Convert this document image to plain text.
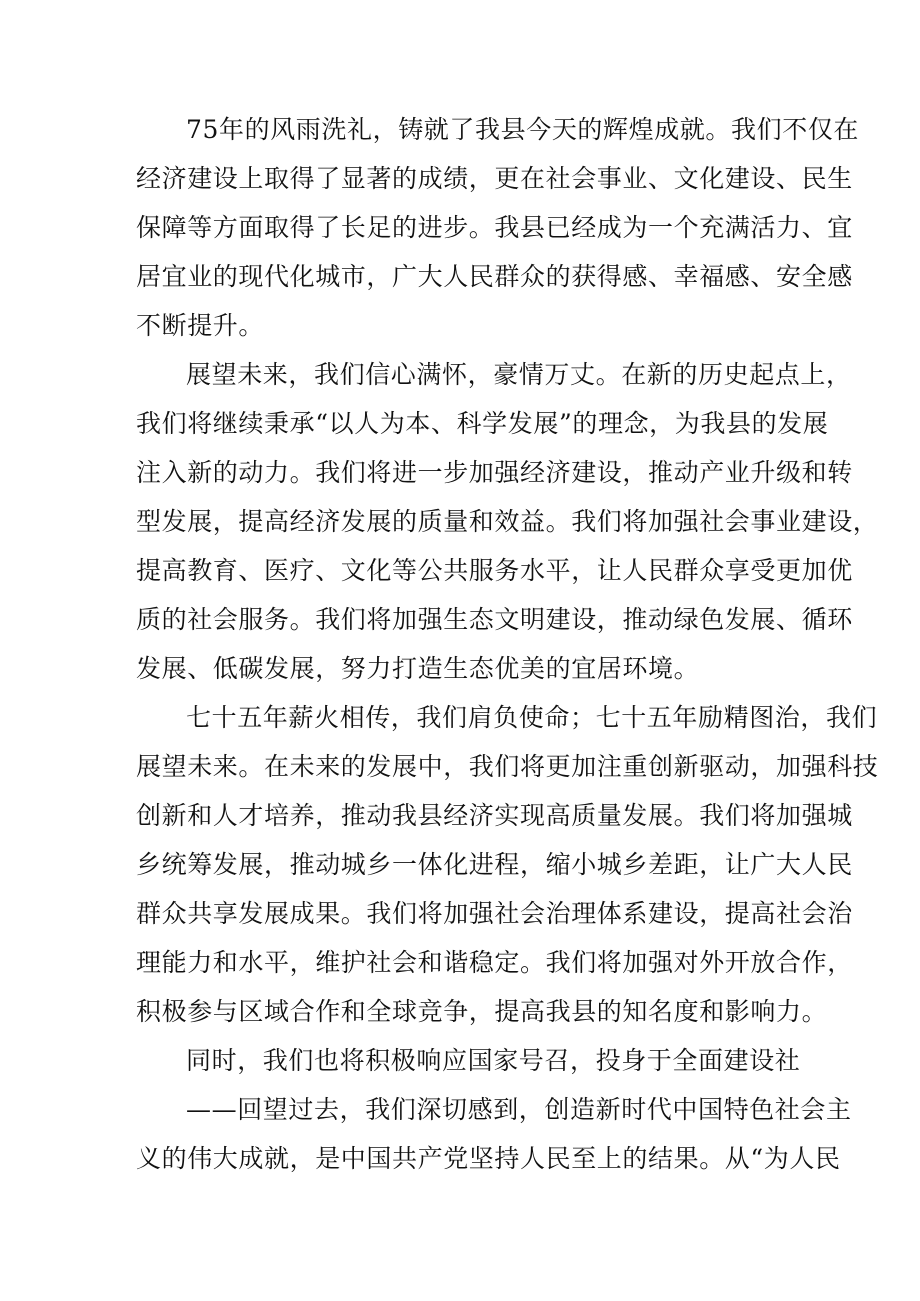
75年的风雨洗礼，铸就了我县今天的辉煌成就。我们不仅在
经济建设上取得了显著的成绩，更在社会事业、文化建设、民生
保障等方面取得了长足的进步。我县已经成为一个充满活力、宜
居宜业的现代化城市，广大人民群众的获得感、幸福感、安全感
不断提升。
展望未来，我们信心满怀，豪情万丈。在新的历史起点上，
我们将继续秉承“以人为本、科学发展”的理念，为我县的发展
注入新的动力。我们将进一步加强经济建设，推动产业升级和转
型发展，提高经济发展的质量和效益。我们将加强社会事业建设，
提高教育、医疗、文化等公共服务水平，让人民群众享受更加优
质的社会服务。我们将加强生态文明建设，推动绿色发展、循环
发展、低碳发展，努力打造生态优美的宜居环境。
七十五年薪火相传，我们肩负使命；七十五年励精图治，我们
展望未来。在未来的发展中，我们将更加注重创新驱动，加强科技
创新和人才培养，推动我县经济实现高质量发展。我们将加强城
乡统筹发展，推动城乡一体化进程，缩小城乡差距，让广大人民
群众共享发展成果。我们将加强社会治理体系建设，提高社会治
理能力和水平，维护社会和谐稳定。我们将加强对外开放合作，
积极参与区域合作和全球竞争，提高我县的知名度和影响力。
同时，我们也将积极响应国家号召，投身于全面建设社
——回望过去，我们深切感到，创造新时代中国特色社会主
义的伟大成就，是中国共产党坚持人民至上的结果。从“为人民
